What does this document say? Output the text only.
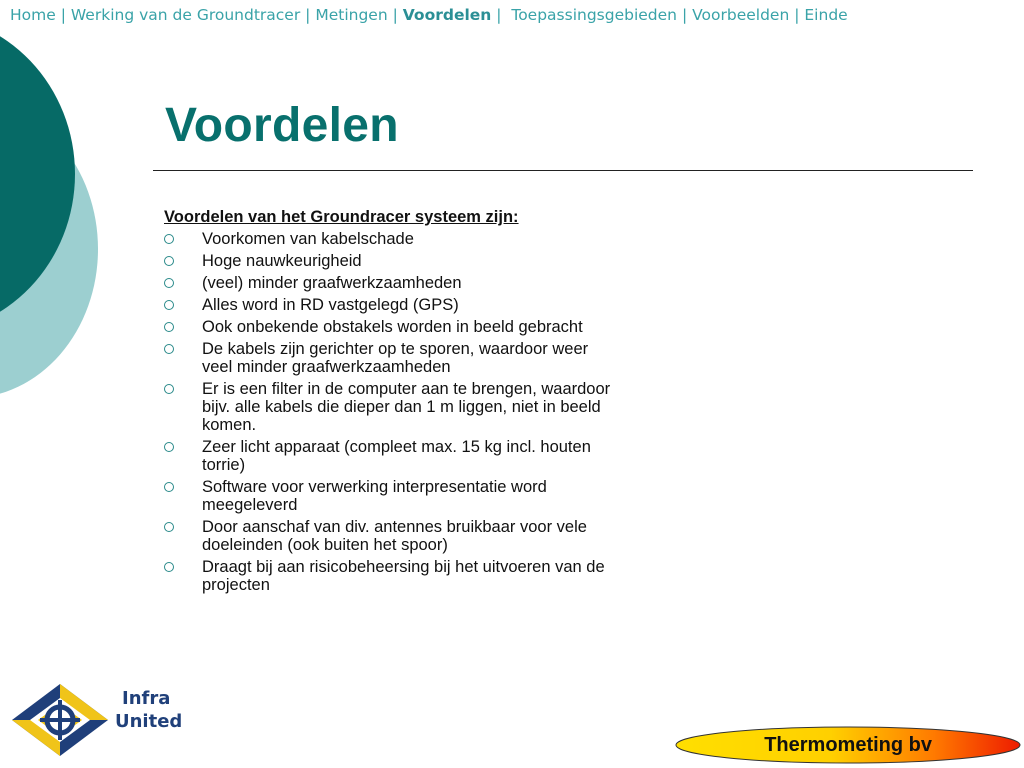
Home | Werking van de Groundtracer | Metingen | Voordelen | Toepassingsgebieden | Voorbeelden | Einde
Voordelen
Voordelen van het Groundracer systeem zijn:
Voorkomen van kabelschade
Hoge nauwkeurigheid
(veel) minder graafwerkzaamheden
Alles word in RD vastgelegd (GPS)
Ook onbekende obstakels worden in beeld gebracht
De kabels zijn gerichter op te sporen, waardoor weer veel minder graafwerkzaamheden
Er is een filter in de computer aan te brengen, waardoor bijv. alle kabels die dieper dan 1 m liggen, niet in beeld komen.
Zeer licht apparaat (compleet max. 15 kg incl. houten torrie)
Software voor verwerking interpresentatie word meegeleverd
Door aanschaf van div. antennes bruikbaar voor vele doeleinden (ook buiten het spoor)
Draagt bij aan risicobeheersing bij het uitvoeren van de projecten
Infra
United
Thermometing bv
